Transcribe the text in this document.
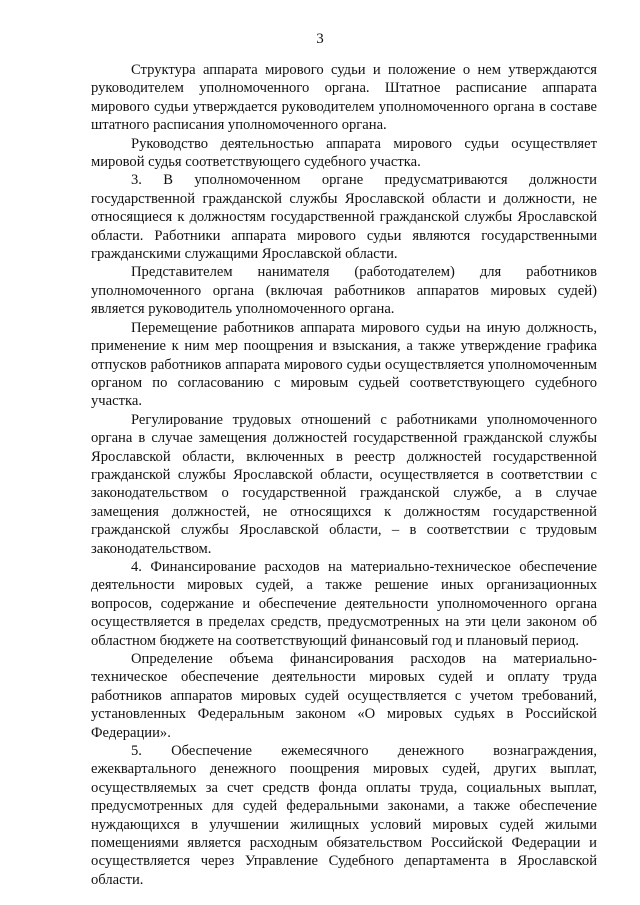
3

Структура аппарата мирового судьи и положение о нем утверждаются руководителем уполномоченного органа. Штатное расписание аппарата мирового судьи утверждается руководителем уполномоченного органа в составе штатного расписания уполномоченного органа.

Руководство деятельностью аппарата мирового судьи осуществляет мировой судья соответствующего судебного участка.

3. В уполномоченном органе предусматриваются должности государственной гражданской службы Ярославской области и должности, не относящиеся к должностям государственной гражданской службы Ярославской области. Работники аппарата мирового судьи являются государственными гражданскими служащими Ярославской области.

Представителем нанимателя (работодателем) для работников уполномоченного органа (включая работников аппаратов мировых судей) является руководитель уполномоченного органа.

Перемещение работников аппарата мирового судьи на иную должность, применение к ним мер поощрения и взыскания, а также утверждение графика отпусков работников аппарата мирового судьи осуществляется уполномоченным органом по согласованию с мировым судьей соответствующего судебного участка.

Регулирование трудовых отношений с работниками уполномоченного органа в случае замещения должностей государственной гражданской службы Ярославской области, включенных в реестр должностей государственной гражданской службы Ярославской области, осуществляется в соответствии с законодательством о государственной гражданской службе, а в случае замещения должностей, не относящихся к должностям государственной гражданской службы Ярославской области, – в соответствии с трудовым законодательством.

4. Финансирование расходов на материально-техническое обеспечение деятельности мировых судей, а также решение иных организационных вопросов, содержание и обеспечение деятельности уполномоченного органа осуществляется в пределах средств, предусмотренных на эти цели законом об областном бюджете на соответствующий финансовый год и плановый период.

Определение объема финансирования расходов на материально-техническое обеспечение деятельности мировых судей и оплату труда работников аппаратов мировых судей осуществляется с учетом требований, установленных Федеральным законом «О мировых судьях в Российской Федерации».

5. Обеспечение ежемесячного денежного вознаграждения, ежеквартального денежного поощрения мировых судей, других выплат, осуществляемых за счет средств фонда оплаты труда, социальных выплат, предусмотренных для судей федеральными законами, а также обеспечение нуждающихся в улучшении жилищных условий мировых судей жилыми помещениями является расходным обязательством Российской Федерации и осуществляется через Управление Судебного департамента в Ярославской области.
